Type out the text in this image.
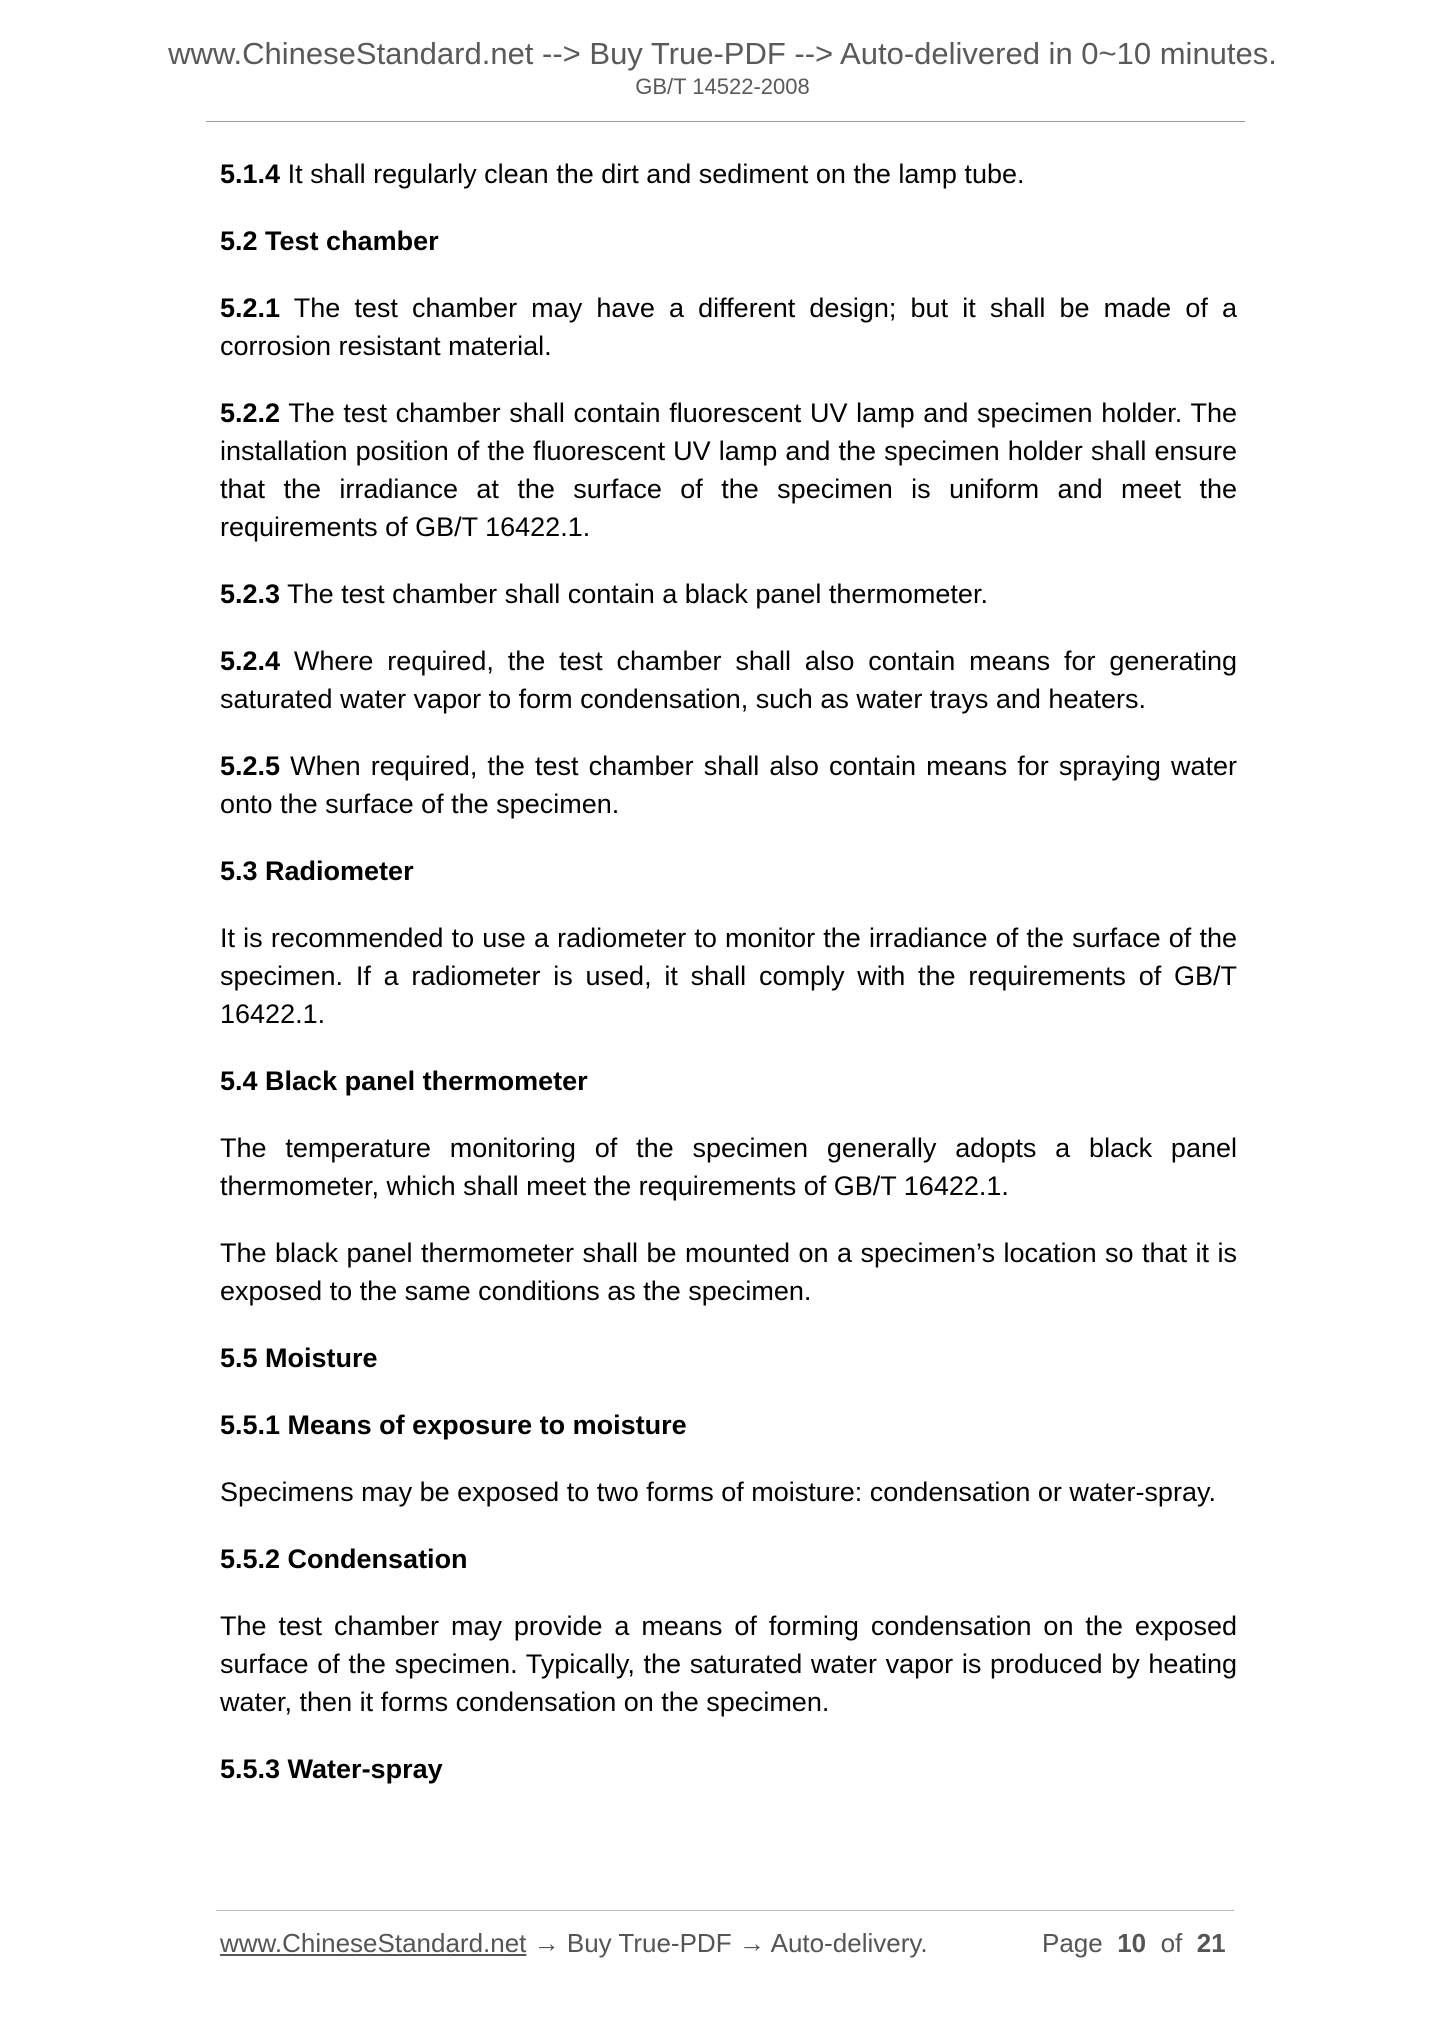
www.ChineseStandard.net --> Buy True-PDF --> Auto-delivered in 0~10 minutes.
GB/T 14522-2008

5.1.4 It shall regularly clean the dirt and sediment on the lamp tube.

5.2 Test chamber

5.2.1 The test chamber may have a different design; but it shall be made of a corrosion resistant material.

5.2.2 The test chamber shall contain fluorescent UV lamp and specimen holder. The installation position of the fluorescent UV lamp and the specimen holder shall ensure that the irradiance at the surface of the specimen is uniform and meet the requirements of GB/T 16422.1.

5.2.3 The test chamber shall contain a black panel thermometer.

5.2.4 Where required, the test chamber shall also contain means for generating saturated water vapor to form condensation, such as water trays and heaters.

5.2.5 When required, the test chamber shall also contain means for spraying water onto the surface of the specimen.

5.3 Radiometer

It is recommended to use a radiometer to monitor the irradiance of the surface of the specimen. If a radiometer is used, it shall comply with the requirements of GB/T 16422.1.

5.4 Black panel thermometer

The temperature monitoring of the specimen generally adopts a black panel thermometer, which shall meet the requirements of GB/T 16422.1.

The black panel thermometer shall be mounted on a specimen’s location so that it is exposed to the same conditions as the specimen.

5.5 Moisture

5.5.1 Means of exposure to moisture

Specimens may be exposed to two forms of moisture: condensation or water-spray.

5.5.2 Condensation

The test chamber may provide a means of forming condensation on the exposed surface of the specimen. Typically, the saturated water vapor is produced by heating water, then it forms condensation on the specimen.

5.5.3 Water-spray

www.ChineseStandard.net → Buy True-PDF → Auto-delivery.	Page 10 of 21
